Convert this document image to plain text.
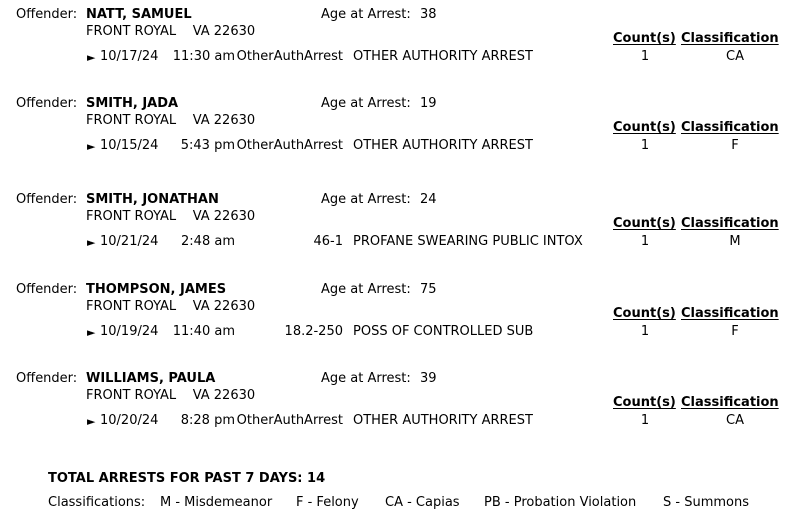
Offender: NATT, SAMUEL	Age at Arrest: 38
FRONT ROYAL    VA 22630	Count(s) Classification
► 10/17/24 11:30 am OtherAuthArrest OTHER AUTHORITY ARREST	1	CA
Offender: SMITH, JADA	Age at Arrest: 19
FRONT ROYAL    VA 22630	Count(s) Classification
► 10/15/24	5:43 pm OtherAuthArrest OTHER AUTHORITY ARREST	1	F
Offender: SMITH, JONATHAN	Age at Arrest: 24
FRONT ROYAL    VA 22630	Count(s) Classification
► 10/21/24	2:48 am	46-1 PROFANE SWEARING PUBLIC INTOX	1	M
Offender: THOMPSON, JAMES	Age at Arrest: 75
FRONT ROYAL    VA 22630	Count(s) Classification
► 10/19/24 11:40 am	18.2-250 POSS OF CONTROLLED SUB	1	F
Offender: WILLIAMS, PAULA	Age at Arrest: 39
FRONT ROYAL    VA 22630	Count(s) Classification
► 10/20/24	8:28 pm OtherAuthArrest OTHER AUTHORITY ARREST	1	CA
TOTAL ARRESTS FOR PAST 7 DAYS: 14
Classifications: M - Misdemeanor F - Felony CA - Capias PB - Probation Violation S - Summons
